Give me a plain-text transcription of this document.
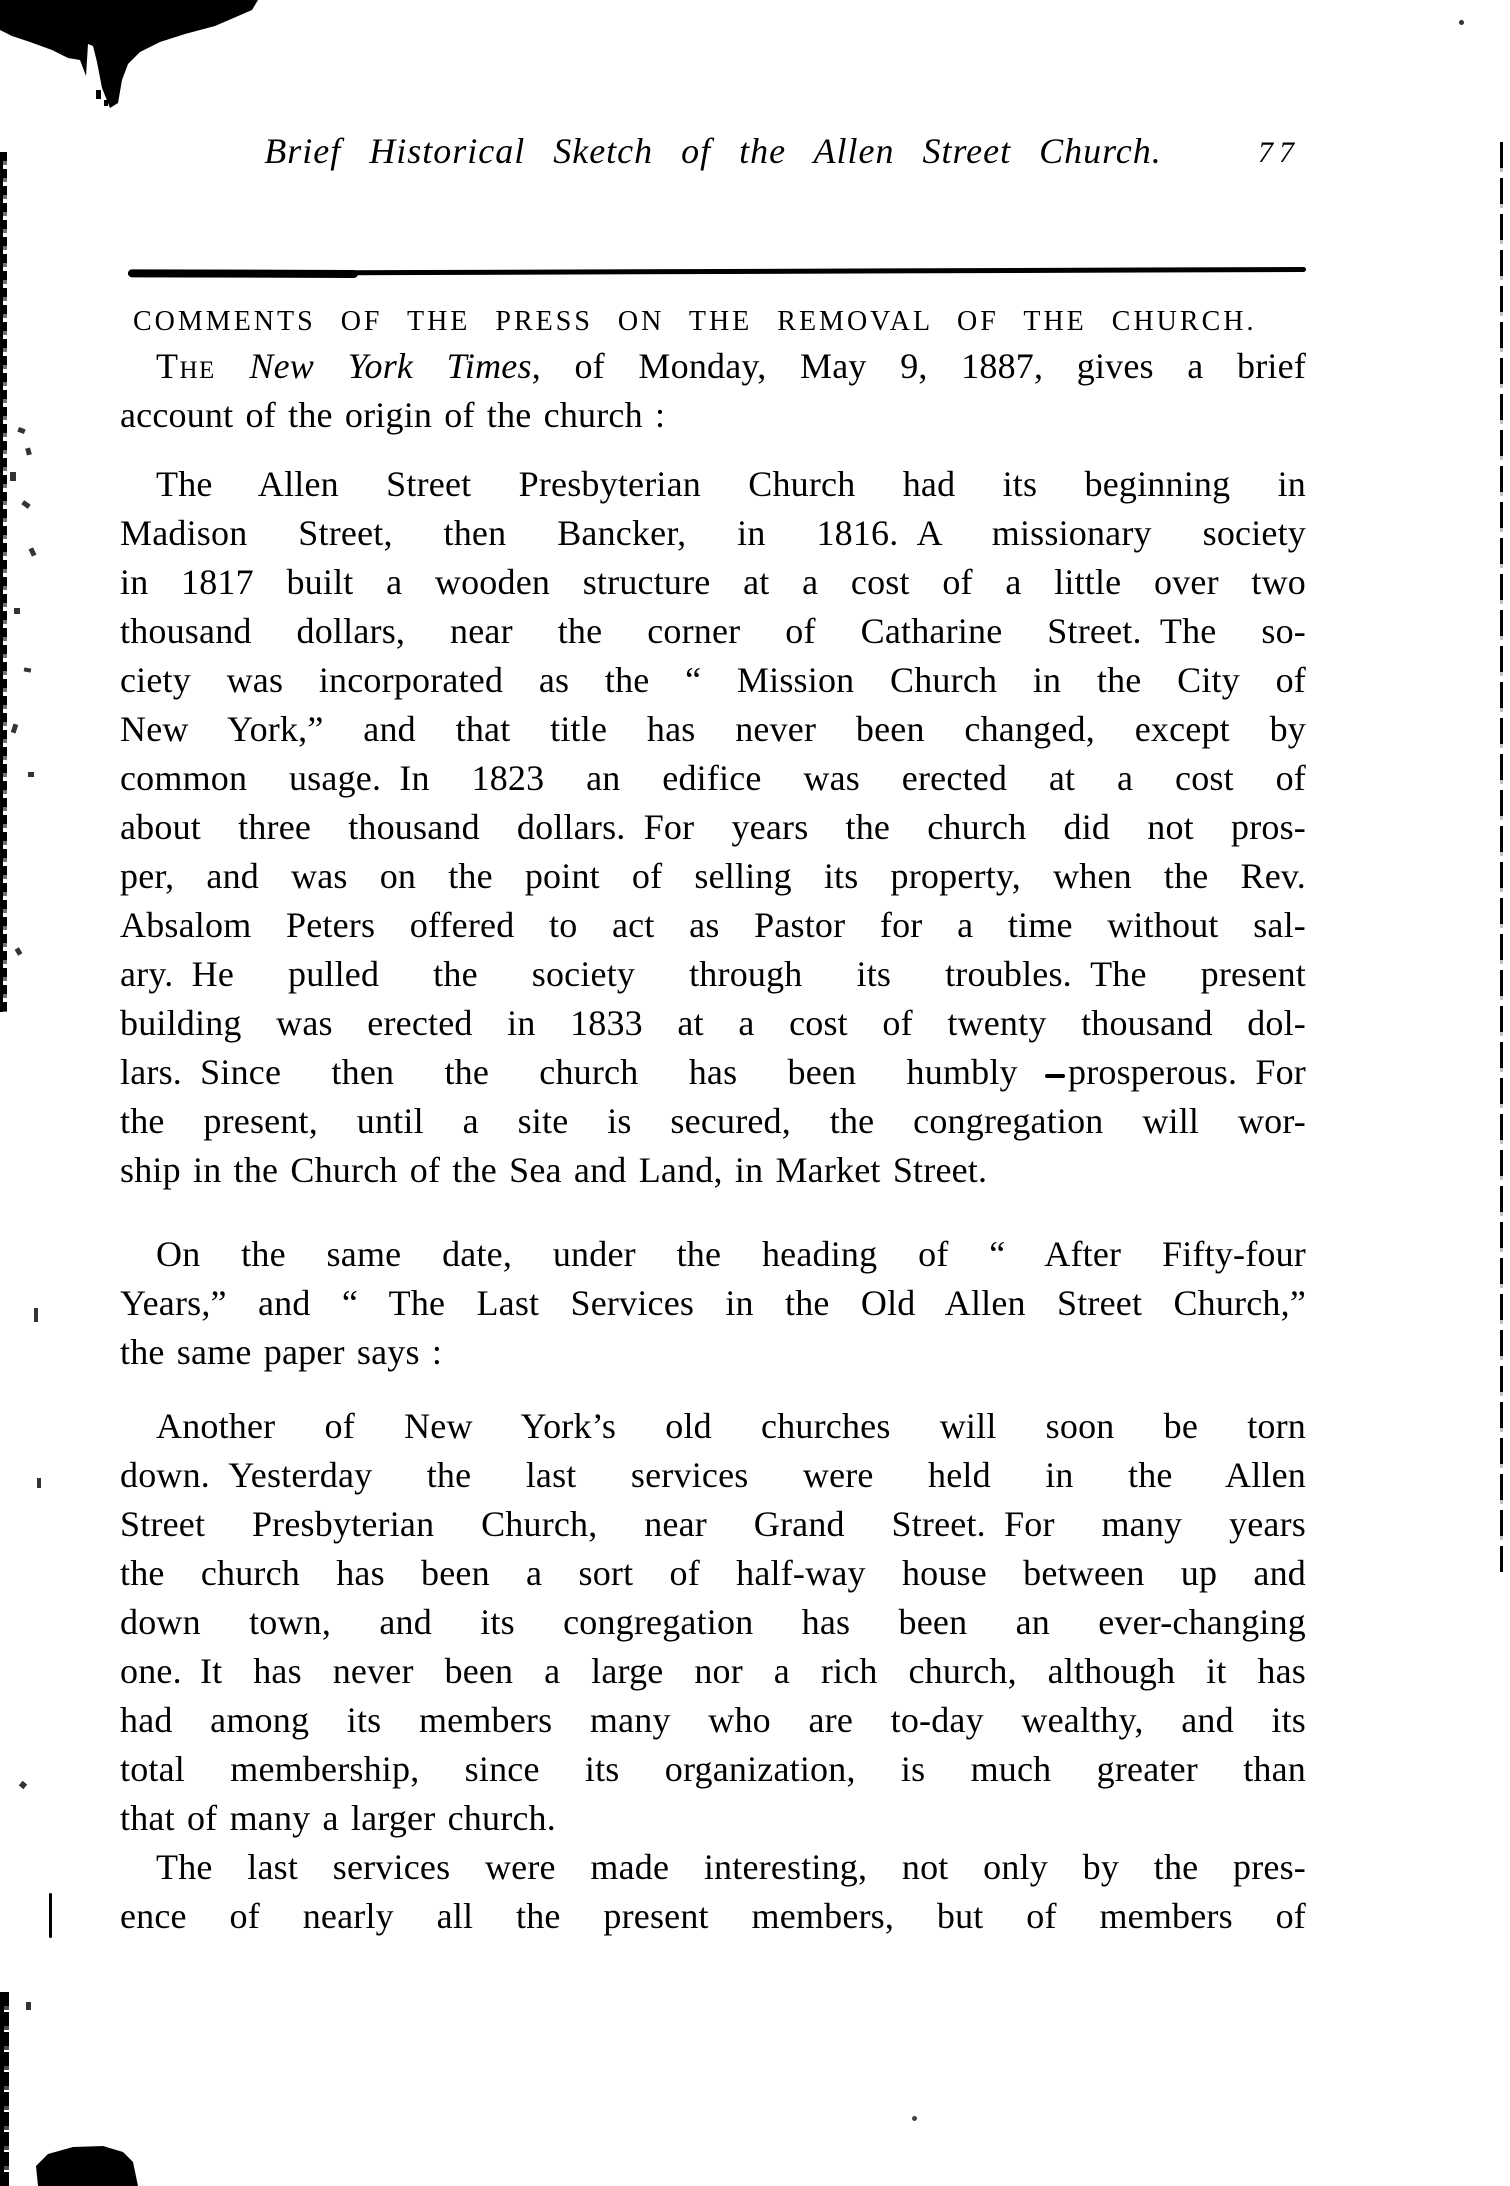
Brief Historical Sketch of the Allen Street Church.	77
COMMENTS OF THE PRESS ON THE REMOVAL OF THE CHURCH.
The New York Times, of Monday, May 9, 1887, gives a brief
account of the origin of the church :
The Allen Street Presbyterian Church had its beginning in
Madison Street, then Bancker, in 1816. A missionary society
in 1817 built a wooden structure at a cost of a little over two
thousand dollars, near the corner of Catharine Street. The so-
ciety was incorporated as the “ Mission Church in the City of
New York,” and that title has never been changed, except by
common usage. In 1823 an edifice was erected at a cost of
about three thousand dollars. For years the church did not pros-
per, and was on the point of selling its property, when the Rev.
Absalom Peters offered to act as Pastor for a time without sal-
ary. He pulled the society through its troubles. The present
building was erected in 1833 at a cost of twenty thousand dol-
lars. Since then the church has been humbly prosperous. For
the present, until a site is secured, the congregation will wor-
ship in the Church of the Sea and Land, in Market Street.
On the same date, under the heading of “ After Fifty-four
Years,” and “ The Last Services in the Old Allen Street Church,”
the same paper says :
Another of New York’s old churches will soon be torn
down. Yesterday the last services were held in the Allen
Street Presbyterian Church, near Grand Street. For many years
the church has been a sort of half-way house between up and
down town, and its congregation has been an ever-changing
one. It has never been a large nor a rich church, although it has
had among its members many who are to-day wealthy, and its
total membership, since its organization, is much greater than
that of many a larger church.
The last services were made interesting, not only by the pres-
ence of nearly all the present members, but of members of
